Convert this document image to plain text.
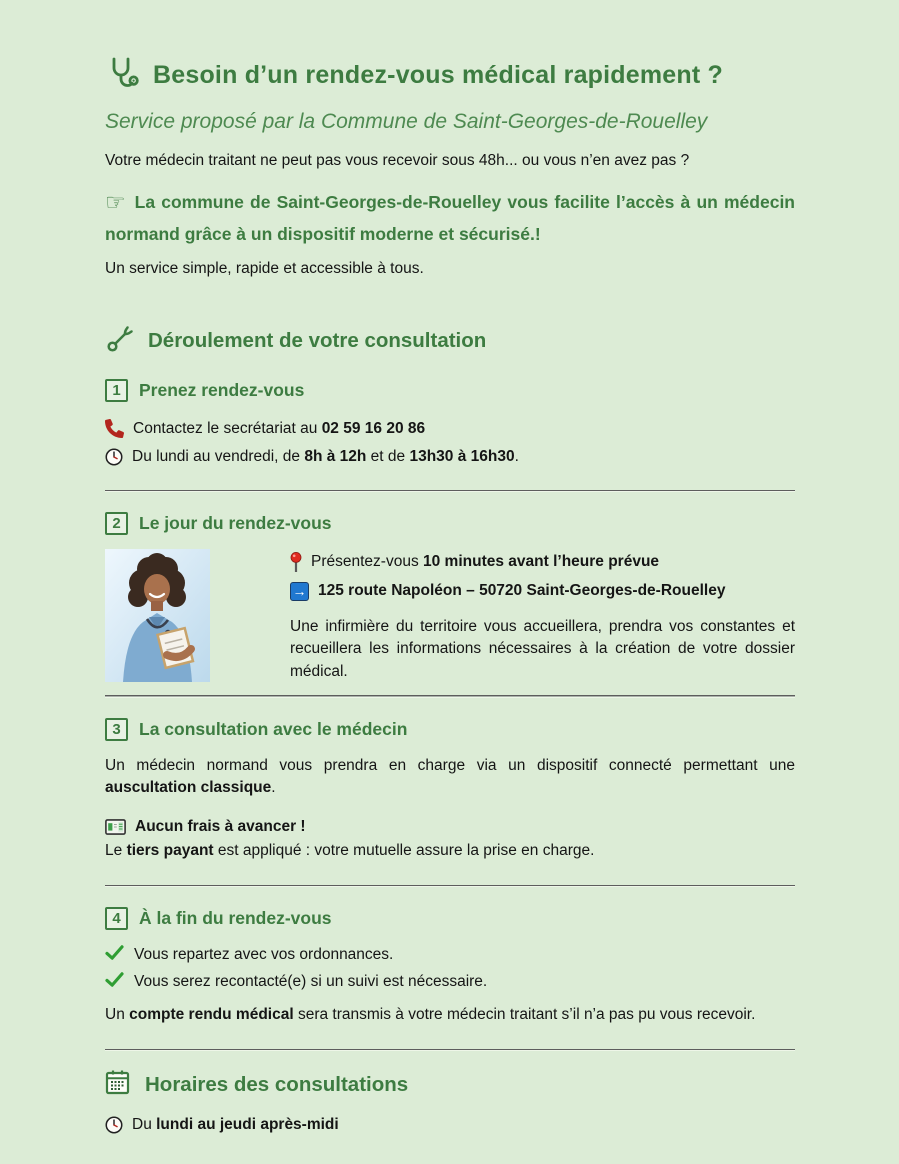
Besoin d’un rendez-vous médical rapidement ?
Service proposé par la Commune de Saint-Georges-de-Rouelley

Votre médecin traitant ne peut pas vous recevoir sous 48h... ou vous n’en avez pas ?

☞ La commune de Saint-Georges-de-Rouelley vous facilite l’accès à un médecin normand grâce à un dispositif moderne et sécurisé.!

Un service simple, rapide et accessible à tous.

Déroulement de votre consultation
1	Prenez rendez-vous
Contactez le secrétariat au 02 59 16 20 86
Du lundi au vendredi, de 8h à 12h et de 13h30 à 16h30.
2	Le jour du rendez-vous
Présentez-vous 10 minutes avant l’heure prévue
→ 125 route Napoléon – 50720 Saint-Georges-de-Rouelley

Une infirmière du territoire vous accueillera, prendra vos constantes et recueillera les informations nécessaires à la création de votre dossier médical.

3	La consultation avec le médecin

Un médecin normand vous prendra en charge via un dispositif connecté permettant une auscultation classique.

Aucun frais à avancer !

Le tiers payant est appliqué : votre mutuelle assure la prise en charge.

4	À la fin du rendez-vous
Vous repartez avec vos ordonnances.
Vous serez recontacté(e) si un suivi est nécessaire.

Un compte rendu médical sera transmis à votre médecin traitant s’il n’a pas pu vous recevoir.

Horaires des consultations
Du lundi au jeudi après-midi
